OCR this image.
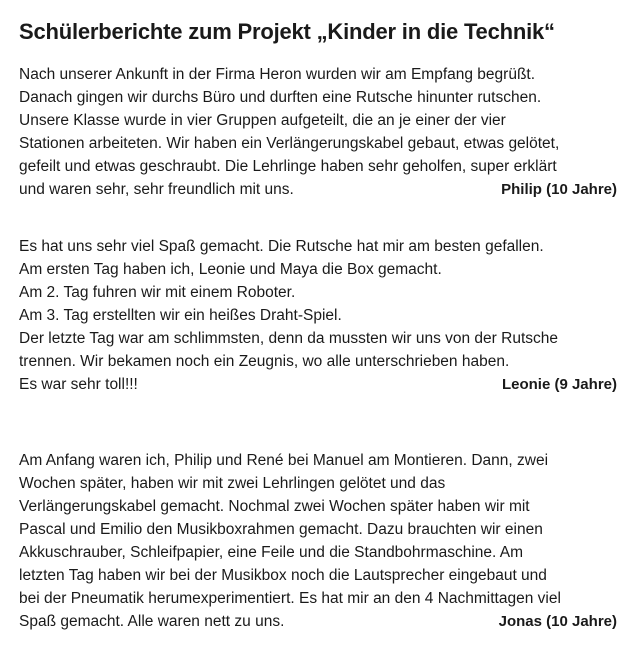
Schülerberichte zum Projekt „Kinder in die Technik“
Nach unserer Ankunft in der Firma Heron wurden wir am Empfang begrüßt.
Danach gingen wir durchs Büro und durften eine Rutsche hinunter rutschen.
Unsere Klasse wurde in vier Gruppen aufgeteilt, die an je einer der vier
Stationen arbeiteten. Wir haben ein Verlängerungskabel gebaut, etwas gelötet,
gefeilt und etwas geschraubt. Die Lehrlinge haben sehr geholfen, super erklärt
und waren sehr, sehr freundlich mit uns.	Philip (10 Jahre)
Es hat uns sehr viel Spaß gemacht. Die Rutsche hat mir am besten gefallen.
Am ersten Tag haben ich, Leonie und Maya die Box gemacht.
Am 2. Tag fuhren wir mit einem Roboter.
Am 3. Tag erstellten wir ein heißes Draht-Spiel.
Der letzte Tag war am schlimmsten, denn da mussten wir uns von der Rutsche
trennen. Wir bekamen noch ein Zeugnis, wo alle unterschrieben haben.
Es war sehr toll!!!	Leonie (9 Jahre)
Am Anfang waren ich, Philip und René bei Manuel am Montieren. Dann, zwei
Wochen später, haben wir mit zwei Lehrlingen gelötet und das
Verlängerungskabel gemacht. Nochmal zwei Wochen später haben wir mit
Pascal und Emilio den Musikboxrahmen gemacht. Dazu brauchten wir einen
Akkuschrauber, Schleifpapier, eine Feile und die Standbohrmaschine. Am
letzten Tag haben wir bei der Musikbox noch die Lautsprecher eingebaut und
bei der Pneumatik herumexperimentiert. Es hat mir an den 4 Nachmittagen viel
Spaß gemacht. Alle waren nett zu uns.	Jonas (10 Jahre)
